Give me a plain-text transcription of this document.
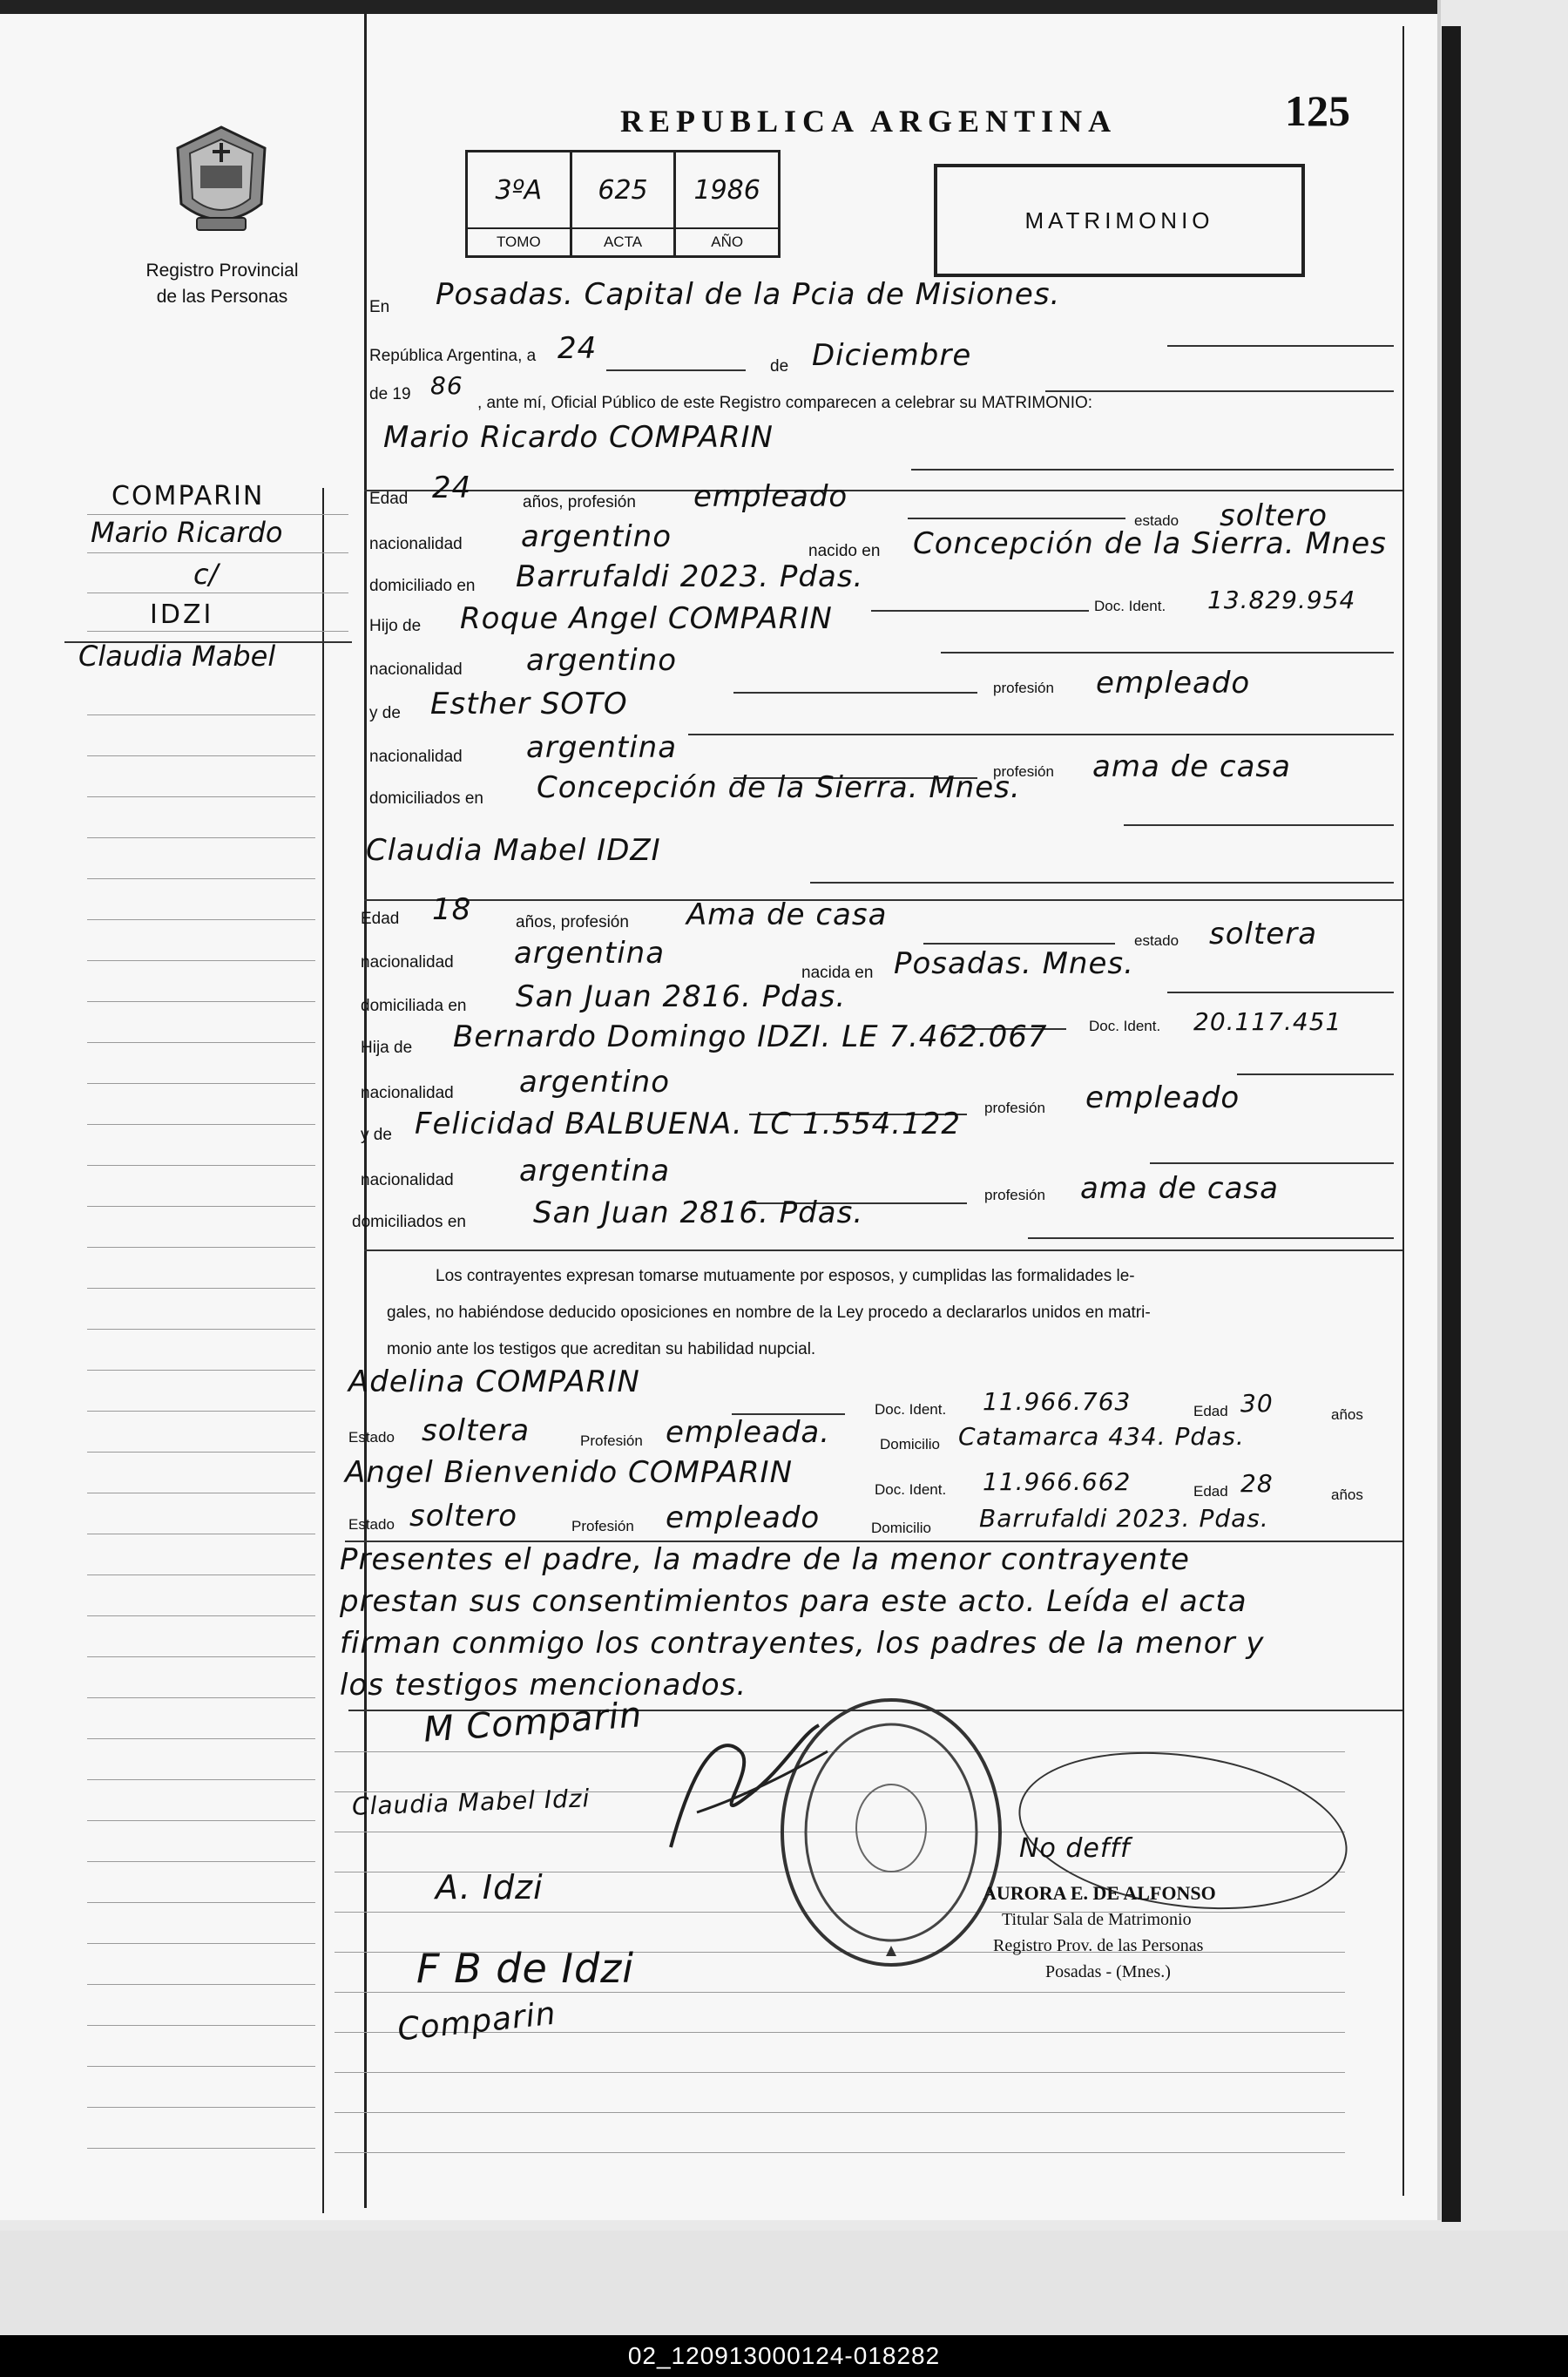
REPUBLICA ARGENTINA	125
3ºA
TOMO
625
ACTA
1986
AÑO
MATRIMONIO
Registro Provincial
de las Personas
COMPARIN
Mario Ricardo
c/
IDZI
Claudia Mabel
En Posadas. Capital de la Pcia de Misiones.
República Argentina, a 24
de Diciembre
de 19 86
, ante mí, Oficial Público de este Registro comparecen a celebrar su MATRIMONIO:
Mario Ricardo COMPARIN
Edad 24	años, profesión empleado
estado soltero
nacionalidad argentino	nacido en Concepción de la Sierra. Mnes
domiciliado en Barrufaldi 2023. Pdas.
Doc. Ident. 13.829.954
Hijo de Roque Angel COMPARIN
nacionalidad argentino
profesión empleado
y de Esther SOTO
nacionalidad argentina
profesión ama de casa
domiciliados en Concepción de la Sierra. Mnes.
Claudia Mabel IDZI
Edad 18	años, profesión Ama de casa
estado soltera
nacionalidad argentina
nacida en Posadas. Mnes.
domiciliada en San Juan 2816. Pdas.
Doc. Ident. 20.117.451
Hija de Bernardo Domingo IDZI. LE 7.462.067
nacionalidad argentino
profesión empleado
y de Felicidad BALBUENA. LC 1.554.122
nacionalidad argentina
profesión ama de casa
domiciliados en San Juan 2816. Pdas.
Los contrayentes expresan tomarse mutuamente por esposos, y cumplidas las formalidades le-
gales, no habiéndose deducido oposiciones en nombre de la Ley procedo a declararlos unidos en matri-
monio ante los testigos que acreditan su habilidad nupcial.
Adelina COMPARIN
Doc. Ident. 11.966.763	Edad 30	años
Estado soltera	Profesión empleada.	Domicilio Catamarca 434. Pdas.
Angel Bienvenido COMPARIN	Doc. Ident. 11.966.662	Edad 28	años
Estado soltero	Profesión empleado	Domicilio Barrufaldi 2023. Pdas.
Presentes el padre, la madre de la menor contrayente
prestan sus consentimientos para este acto. Leída el acta
firman conmigo los contrayentes, los padres de la menor y
los testigos mencionados.
M Comparin
Claudia Mabel Idzi
A. Idzi
F B de Idzi
Comparin
No defff
AURORA E. DE ALFONSO
Titular Sala de Matrimonio
Registro Prov. de las Personas
Posadas - (Mnes.)
02_120913000124-018282
